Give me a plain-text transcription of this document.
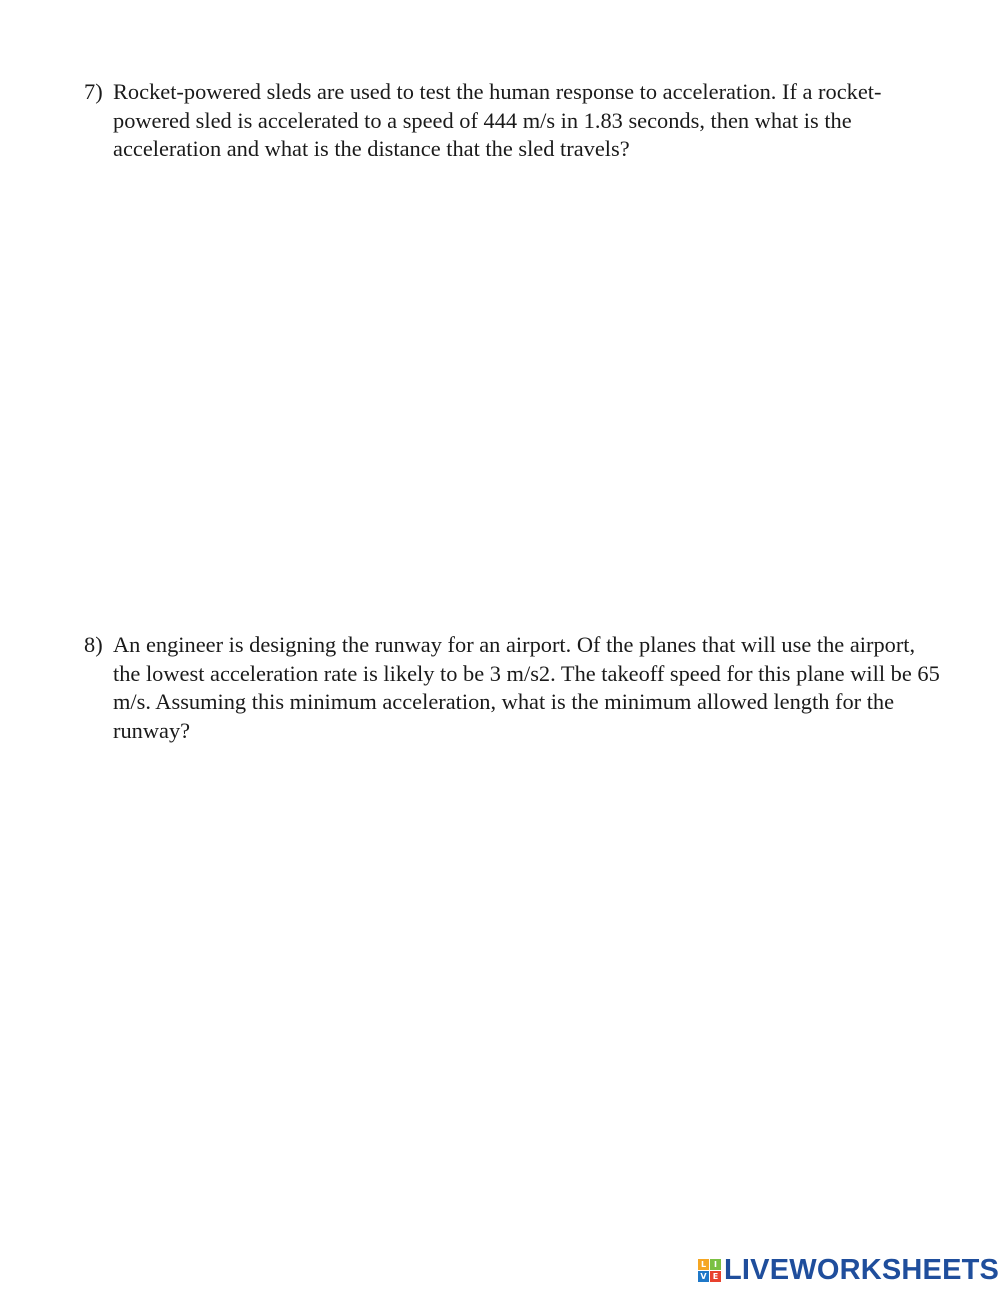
7) Rocket-powered sleds are used to test the human response to acceleration. If a rocket-
powered sled is accelerated to a speed of 444 m/s in 1.83 seconds, then what is the
acceleration and what is the distance that the sled travels?
8) An engineer is designing the runway for an airport. Of the planes that will use the airport,
the lowest acceleration rate is likely to be 3 m/s2. The takeoff speed for this plane will be 65
m/s. Assuming this minimum acceleration, what is the minimum allowed length for the
runway?
L I
V E LIVEWORKSHEETS
